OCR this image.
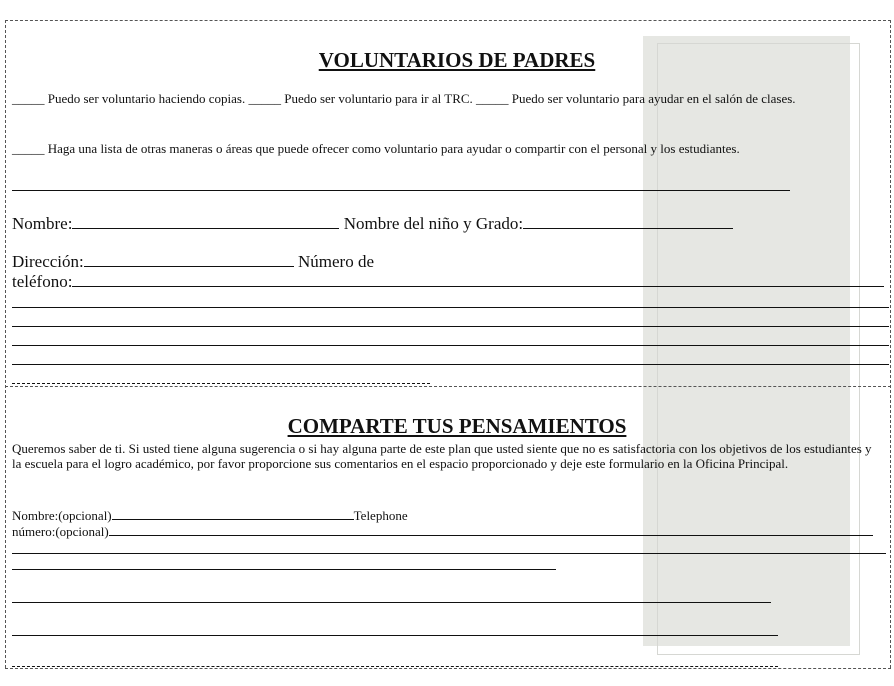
VOLUNTARIOS DE PADRES
_____ Puedo ser voluntario haciendo copias. _____ Puedo ser voluntario para ir al TRC. _____ Puedo ser voluntario para ayudar en el salón de clases.
_____ Haga una lista de otras maneras o áreas que puede ofrecer como voluntario para ayudar o compartir con el personal y los estudiantes.
Nombre:	Nombre del niño y Grado:
Dirección:	Número de
teléfono:
COMPARTE TUS PENSAMIENTOS
Queremos saber de ti. Si usted tiene alguna sugerencia o si hay alguna parte de este plan que usted siente que no es satisfactoria con los objetivos de los estudiantes y la escuela para el logro académico, por favor proporcione sus comentarios en el espacio proporcionado y deje este formulario en la Oficina Principal.
Nombre:(opcional)	Telephone
número:(opcional)
